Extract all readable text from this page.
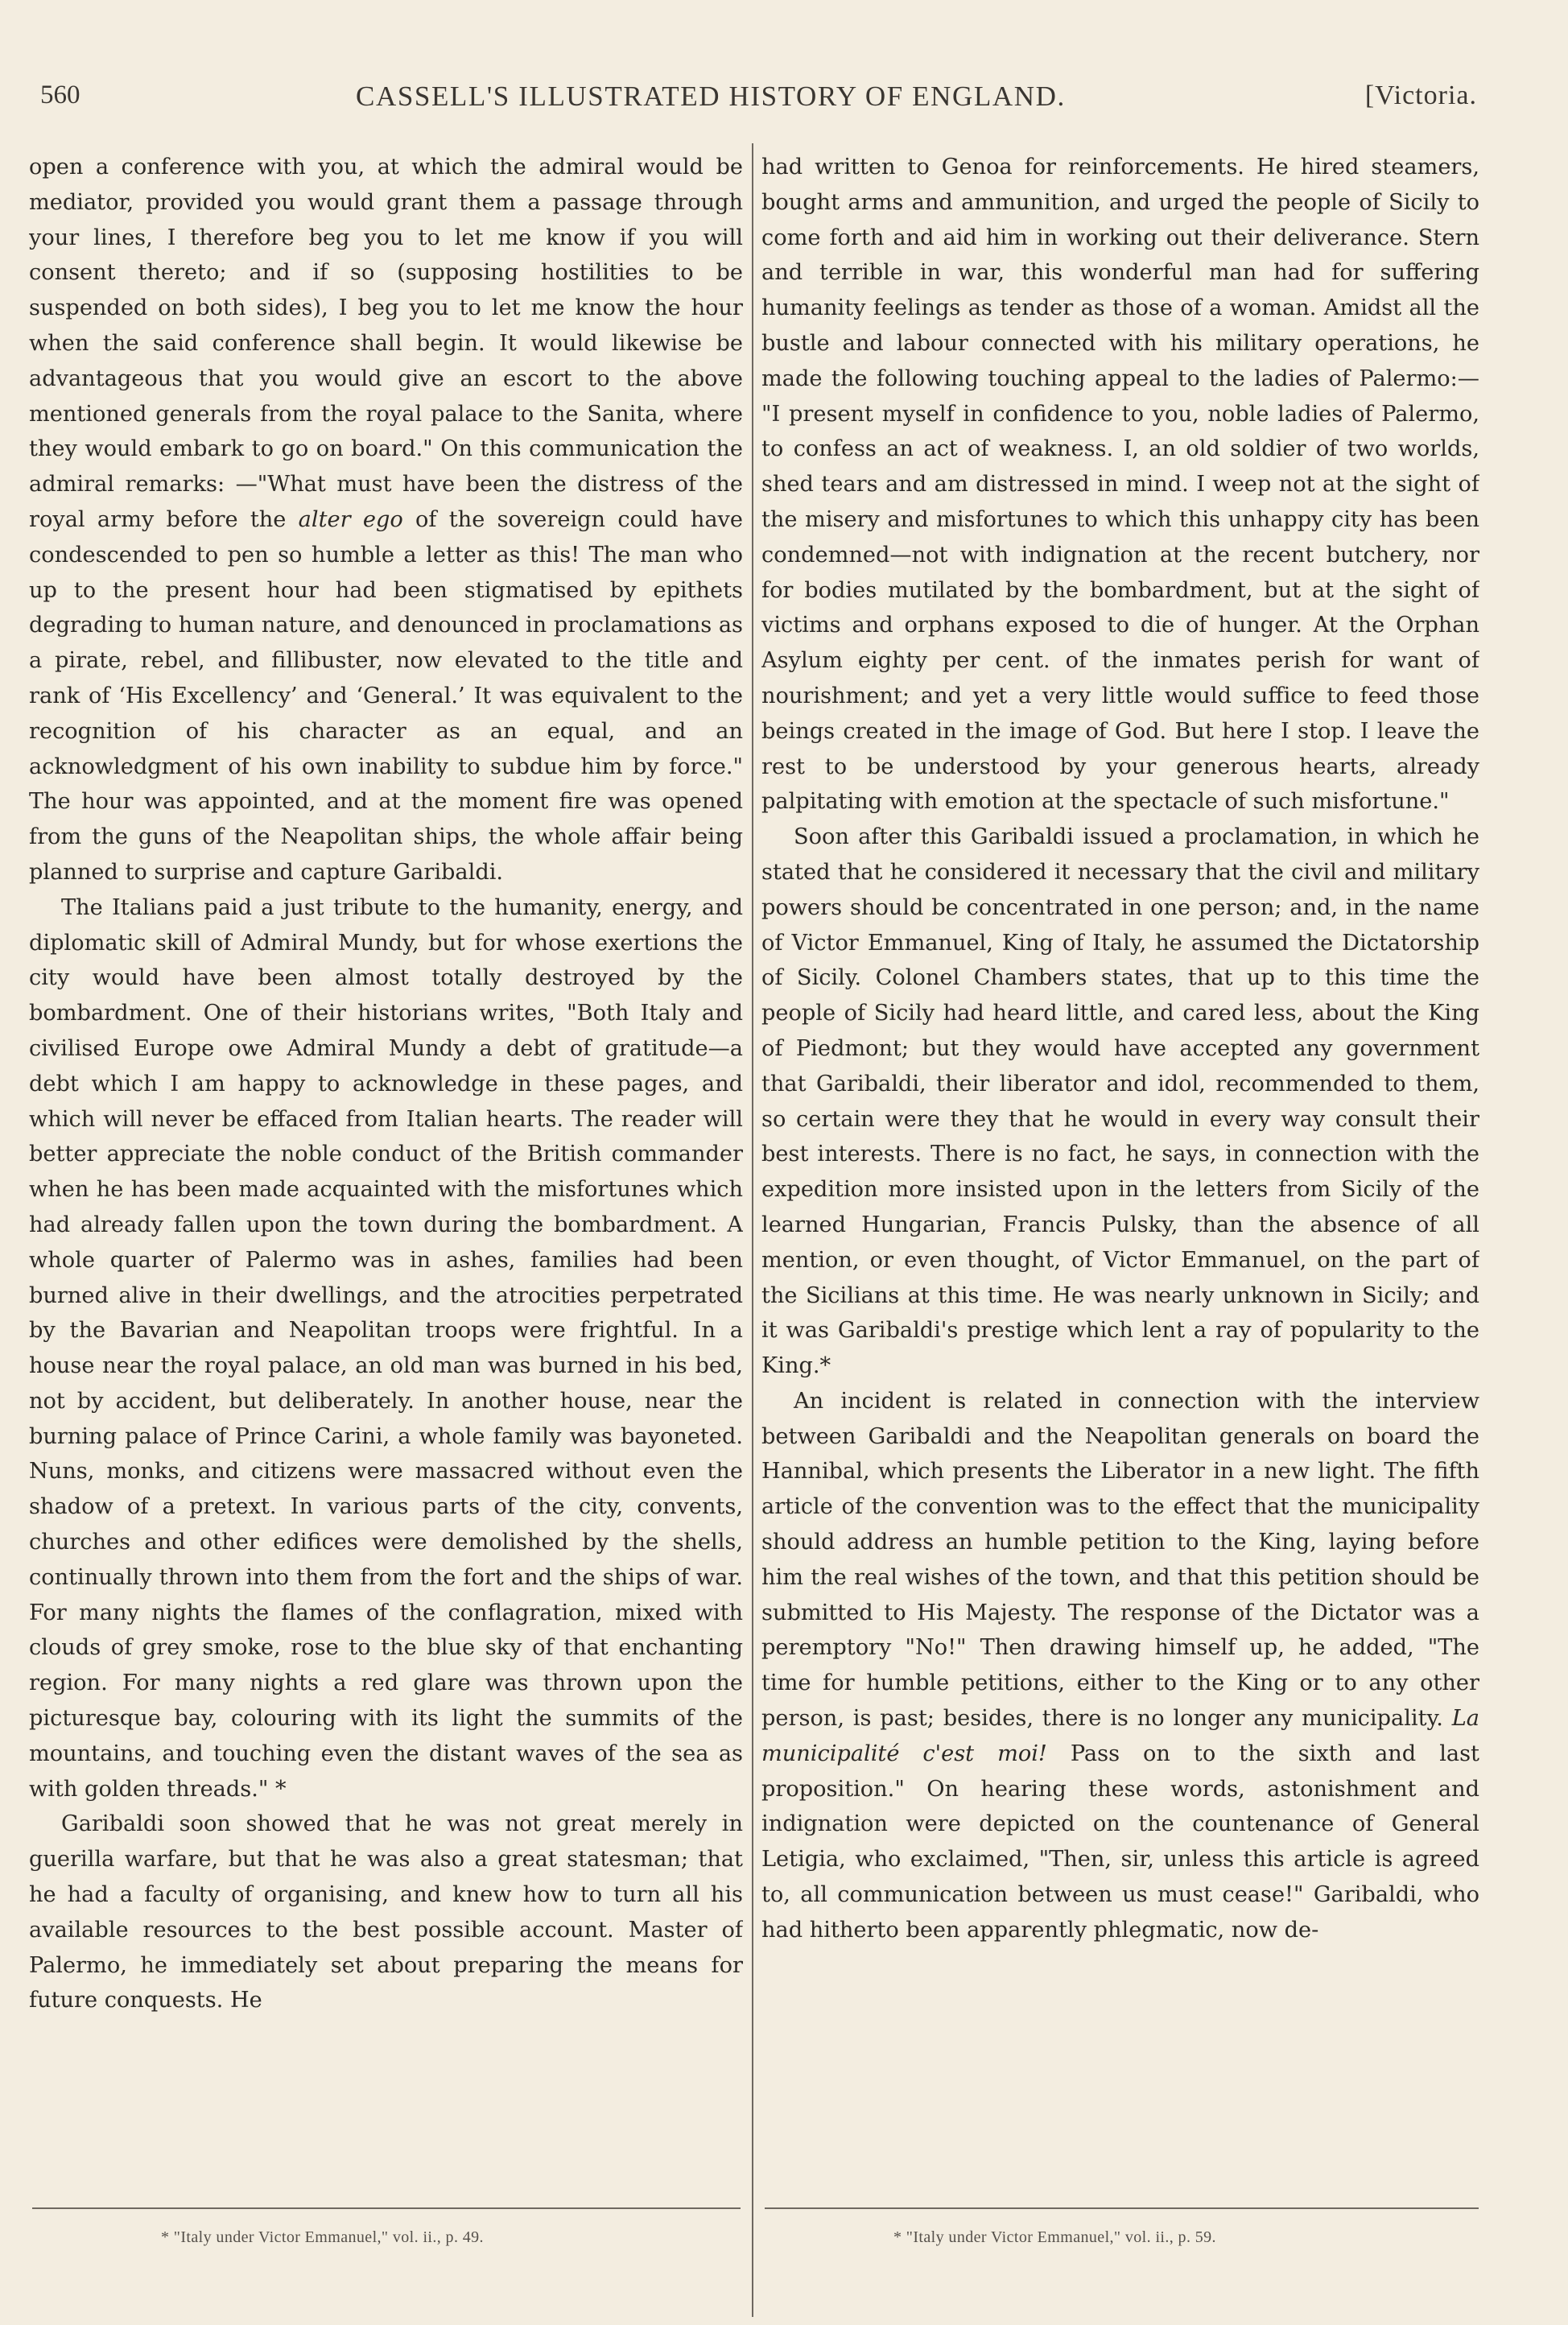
560	CASSELL'S ILLUSTRATED HISTORY OF ENGLAND.	[Victoria.

open a conference with you, at which the admiral would be mediator, provided you would grant them a passage through your lines, I therefore beg you to let me know if you will consent thereto; and if so (supposing hostilities to be suspended on both sides), I beg you to let me know the hour when the said conference shall begin. It would likewise be advantageous that you would give an escort to the above mentioned generals from the royal palace to the Sanita, where they would embark to go on board." On this communication the admiral remarks: —"What must have been the distress of the royal army before the alter ego of the sovereign could have condescended to pen so humble a letter as this! The man who up to the present hour had been stigmatised by epithets degrading to human nature, and denounced in proclamations as a pirate, rebel, and fillibuster, now elevated to the title and rank of ‘His Excellency’ and ‘General.’ It was equivalent to the recognition of his character as an equal, and an acknowledgment of his own inability to subdue him by force." The hour was appointed, and at the moment fire was opened from the guns of the Neapolitan ships, the whole affair being planned to surprise and capture Garibaldi.

The Italians paid a just tribute to the humanity, energy, and diplomatic skill of Admiral Mundy, but for whose exertions the city would have been almost totally destroyed by the bombardment. One of their historians writes, "Both Italy and civilised Europe owe Admiral Mundy a debt of gratitude—a debt which I am happy to acknowledge in these pages, and which will never be effaced from Italian hearts. The reader will better appreciate the noble conduct of the British commander when he has been made acquainted with the misfortunes which had already fallen upon the town during the bombardment. A whole quarter of Palermo was in ashes, families had been burned alive in their dwellings, and the atrocities perpetrated by the Bavarian and Neapolitan troops were frightful. In a house near the royal palace, an old man was burned in his bed, not by accident, but deliberately. In another house, near the burning palace of Prince Carini, a whole family was bayoneted. Nuns, monks, and citizens were massacred without even the shadow of a pretext. In various parts of the city, convents, churches and other edifices were demolished by the shells, continually thrown into them from the fort and the ships of war. For many nights the flames of the conflagration, mixed with clouds of grey smoke, rose to the blue sky of that enchanting region. For many nights a red glare was thrown upon the picturesque bay, colouring with its light the summits of the mountains, and touching even the distant waves of the sea as with golden threads." *

Garibaldi soon showed that he was not great merely in guerilla warfare, but that he was also a great statesman; that he had a faculty of organising, and knew how to turn all his available resources to the best possible account. Master of Palermo, he immediately set about preparing the means for future conquests. He

had written to Genoa for reinforcements. He hired steamers, bought arms and ammunition, and urged the people of Sicily to come forth and aid him in working out their deliverance. Stern and terrible in war, this wonderful man had for suffering humanity feelings as tender as those of a woman. Amidst all the bustle and labour connected with his military operations, he made the following touching appeal to the ladies of Palermo:— "I present myself in confidence to you, noble ladies of Palermo, to confess an act of weakness. I, an old soldier of two worlds, shed tears and am distressed in mind. I weep not at the sight of the misery and misfortunes to which this unhappy city has been condemned—not with indignation at the recent butchery, nor for bodies mutilated by the bombardment, but at the sight of victims and orphans exposed to die of hunger. At the Orphan Asylum eighty per cent. of the inmates perish for want of nourishment; and yet a very little would suffice to feed those beings created in the image of God. But here I stop. I leave the rest to be understood by your generous hearts, already palpitating with emotion at the spectacle of such misfortune."

Soon after this Garibaldi issued a proclamation, in which he stated that he considered it necessary that the civil and military powers should be concentrated in one person; and, in the name of Victor Emmanuel, King of Italy, he assumed the Dictatorship of Sicily. Colonel Chambers states, that up to this time the people of Sicily had heard little, and cared less, about the King of Piedmont; but they would have accepted any government that Garibaldi, their liberator and idol, recommended to them, so certain were they that he would in every way consult their best interests. There is no fact, he says, in connection with the expedition more insisted upon in the letters from Sicily of the learned Hungarian, Francis Pulsky, than the absence of all mention, or even thought, of Victor Emmanuel, on the part of the Sicilians at this time. He was nearly unknown in Sicily; and it was Garibaldi's prestige which lent a ray of popularity to the King.*

An incident is related in connection with the interview between Garibaldi and the Neapolitan generals on board the Hannibal, which presents the Liberator in a new light. The fifth article of the convention was to the effect that the municipality should address an humble petition to the King, laying before him the real wishes of the town, and that this petition should be submitted to His Majesty. The response of the Dictator was a peremptory "No!" Then drawing himself up, he added, "The time for humble petitions, either to the King or to any other person, is past; besides, there is no longer any municipality. La municipalité c'est moi! Pass on to the sixth and last proposition." On hearing these words, astonishment and indignation were depicted on the countenance of General Letigia, who exclaimed, "Then, sir, unless this article is agreed to, all communication between us must cease!" Garibaldi, who had hitherto been apparently phlegmatic, now de-

* "Italy under Victor Emmanuel," vol. ii., p. 49.	* "Italy under Victor Emmanuel," vol. ii., p. 59.
